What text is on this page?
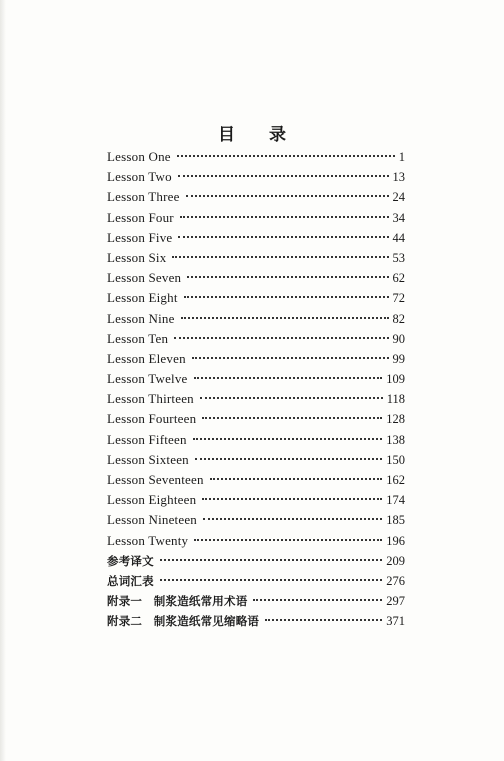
目 录
Lesson One	1
Lesson Two	13
Lesson Three	24
Lesson Four	34
Lesson Five	44
Lesson Six	53
Lesson Seven	62
Lesson Eight	72
Lesson Nine	82
Lesson Ten	90
Lesson Eleven	99
Lesson Twelve	109
Lesson Thirteen	118
Lesson Fourteen	128
Lesson Fifteen	138
Lesson Sixteen	150
Lesson Seventeen	162
Lesson Eighteen	174
Lesson Nineteen	185
Lesson Twenty	196
参考译文	209
总词汇表	276
附录一　制浆造纸常用术语	297
附录二　制浆造纸常见缩略语	371
